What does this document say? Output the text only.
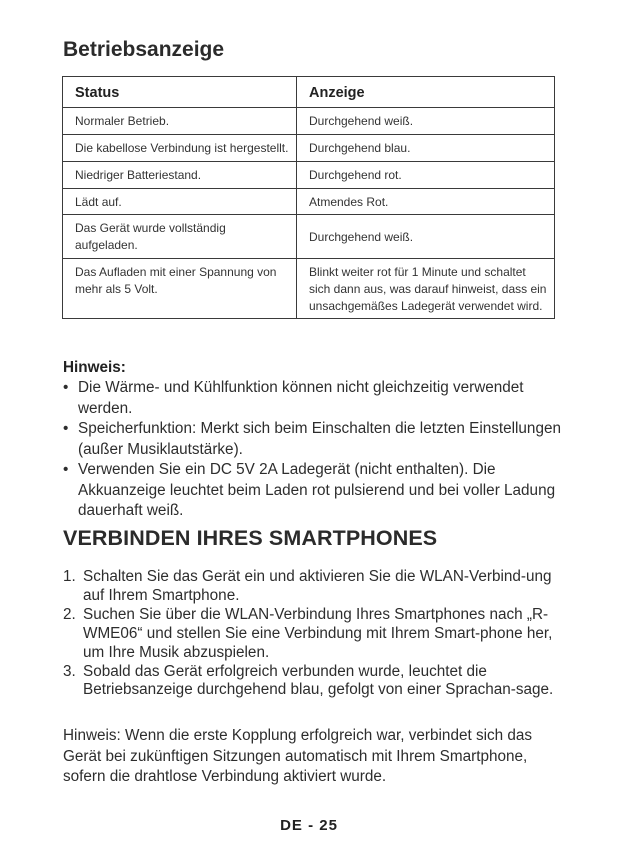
Betriebsanzeige
Status	Anzeige
Normaler Betrieb.	Durchgehend weiß.
Die kabellose Verbindung ist hergestellt.	Durchgehend blau.
Niedriger Batteriestand.	Durchgehend rot.
Lädt auf.	Atmendes Rot.
Das Gerät wurde vollständig aufgeladen.	Durchgehend weiß.
Das Aufladen mit einer Spannung von mehr als 5 Volt.	Blinkt weiter rot für 1 Minute und schaltet sich dann aus, was darauf hinweist, dass ein unsachgemäßes Ladegerät verwendet wird.
Hinweis:
• Die Wärme- und Kühlfunktion können nicht gleichzeitig verwendet werden.
• Speicherfunktion: Merkt sich beim Einschalten die letzten Einstellungen (außer Musiklautstärke).
• Verwenden Sie ein DC 5V 2A Ladegerät (nicht enthalten). Die Akkuanzeige leuchtet beim Laden rot pulsierend und bei voller Ladung dauerhaft weiß.
VERBINDEN IHRES SMARTPHONES
1. Schalten Sie das Gerät ein und aktivieren Sie die WLAN-Verbind-ung auf Ihrem Smartphone.
2. Suchen Sie über die WLAN-Verbindung Ihres Smartphones nach „R-WME06“ und stellen Sie eine Verbindung mit Ihrem Smart-phone her, um Ihre Musik abzuspielen.
3. Sobald das Gerät erfolgreich verbunden wurde, leuchtet die Betriebsanzeige durchgehend blau, gefolgt von einer Sprachan-sage.
Hinweis: Wenn die erste Kopplung erfolgreich war, verbindet sich das Gerät bei zukünftigen Sitzungen automatisch mit Ihrem Smartphone, sofern die drahtlose Verbindung aktiviert wurde.
DE - 25
